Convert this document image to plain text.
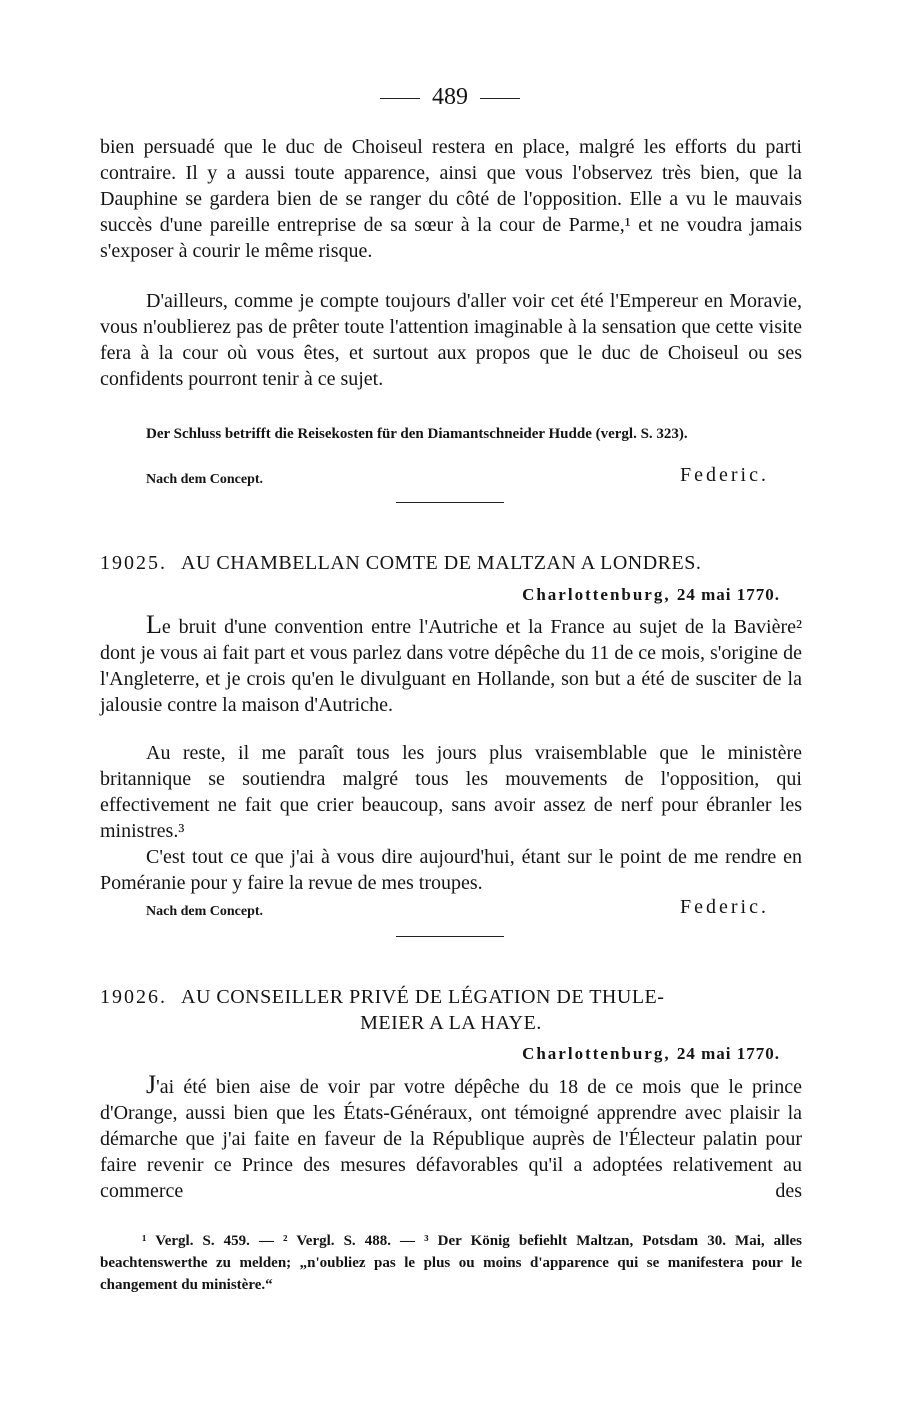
489
bien persuadé que le duc de Choiseul restera en place, malgré les efforts du parti contraire. Il y a aussi toute apparence, ainsi que vous l'observez très bien, que la Dauphine se gardera bien de se ranger du côté de l'opposition. Elle a vu le mauvais succès d'une pareille entreprise de sa sœur à la cour de Parme,¹ et ne voudra jamais s'exposer à courir le même risque.
D'ailleurs, comme je compte toujours d'aller voir cet été l'Empereur en Moravie, vous n'oublierez pas de prêter toute l'attention imaginable à la sensation que cette visite fera à la cour où vous êtes, et surtout aux propos que le duc de Choiseul ou ses confidents pourront tenir à ce sujet.
Der Schluss betrifft die Reisekosten für den Diamantschneider Hudde (vergl. S. 323).
Nach dem Concept.	Federic.
19025. AU CHAMBELLAN COMTE DE MALTZAN A LONDRES.
Charlottenburg, 24 mai 1770.
Le bruit d'une convention entre l'Autriche et la France au sujet de la Bavière² dont je vous ai fait part et vous parlez dans votre dépêche du 11 de ce mois, s'origine de l'Angleterre, et je crois qu'en le divulguant en Hollande, son but a été de susciter de la jalousie contre la maison d'Autriche.
Au reste, il me paraît tous les jours plus vraisemblable que le ministère britannique se soutiendra malgré tous les mouvements de l'opposition, qui effectivement ne fait que crier beaucoup, sans avoir assez de nerf pour ébranler les ministres.³
C'est tout ce que j'ai à vous dire aujourd'hui, étant sur le point de me rendre en Poméranie pour y faire la revue de mes troupes.
Nach dem Concept.	Federic.
19026. AU CONSEILLER PRIVÉ DE LÉGATION DE THULE-
MEIER A LA HAYE.
Charlottenburg, 24 mai 1770.
J'ai été bien aise de voir par votre dépêche du 18 de ce mois que le prince d'Orange, aussi bien que les États-Généraux, ont témoigné apprendre avec plaisir la démarche que j'ai faite en faveur de la République auprès de l'Électeur palatin pour faire revenir ce Prince des mesures défavorables qu'il a adoptées relativement au commerce des
¹ Vergl. S. 459. — ² Vergl. S. 488. — ³ Der König befiehlt Maltzan, Potsdam 30. Mai, alles beachtenswerthe zu melden; „n'oubliez pas le plus ou moins d'apparence qui se manifestera pour le changement du ministère.“
